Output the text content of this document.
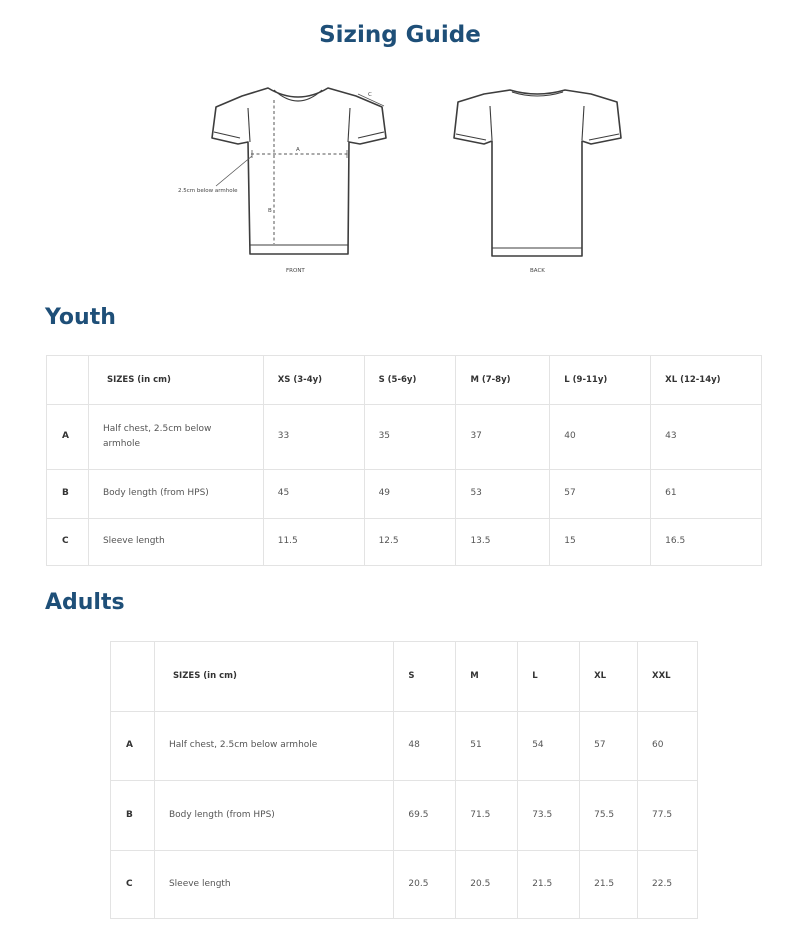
Sizing Guide
A
B
C
2.5cm below armhole
FRONT	BACK
Youth
	SIZES (in cm)	XS (3-4y)	S (5-6y)	M (7-8y)	L (9-11y)	XL (12-14y)
A	Half chest, 2.5cm below armhole	33	35	37	40	43
B	Body length (from HPS)	45	49	53	57	61
C	Sleeve length	11.5	12.5	13.5	15	16.5
Adults
	SIZES (in cm)	S	M	L	XL	XXL
A	Half chest, 2.5cm below armhole	48	51	54	57	60
B	Body length (from HPS)	69.5	71.5	73.5	75.5	77.5
C	Sleeve length	20.5	20.5	21.5	21.5	22.5
